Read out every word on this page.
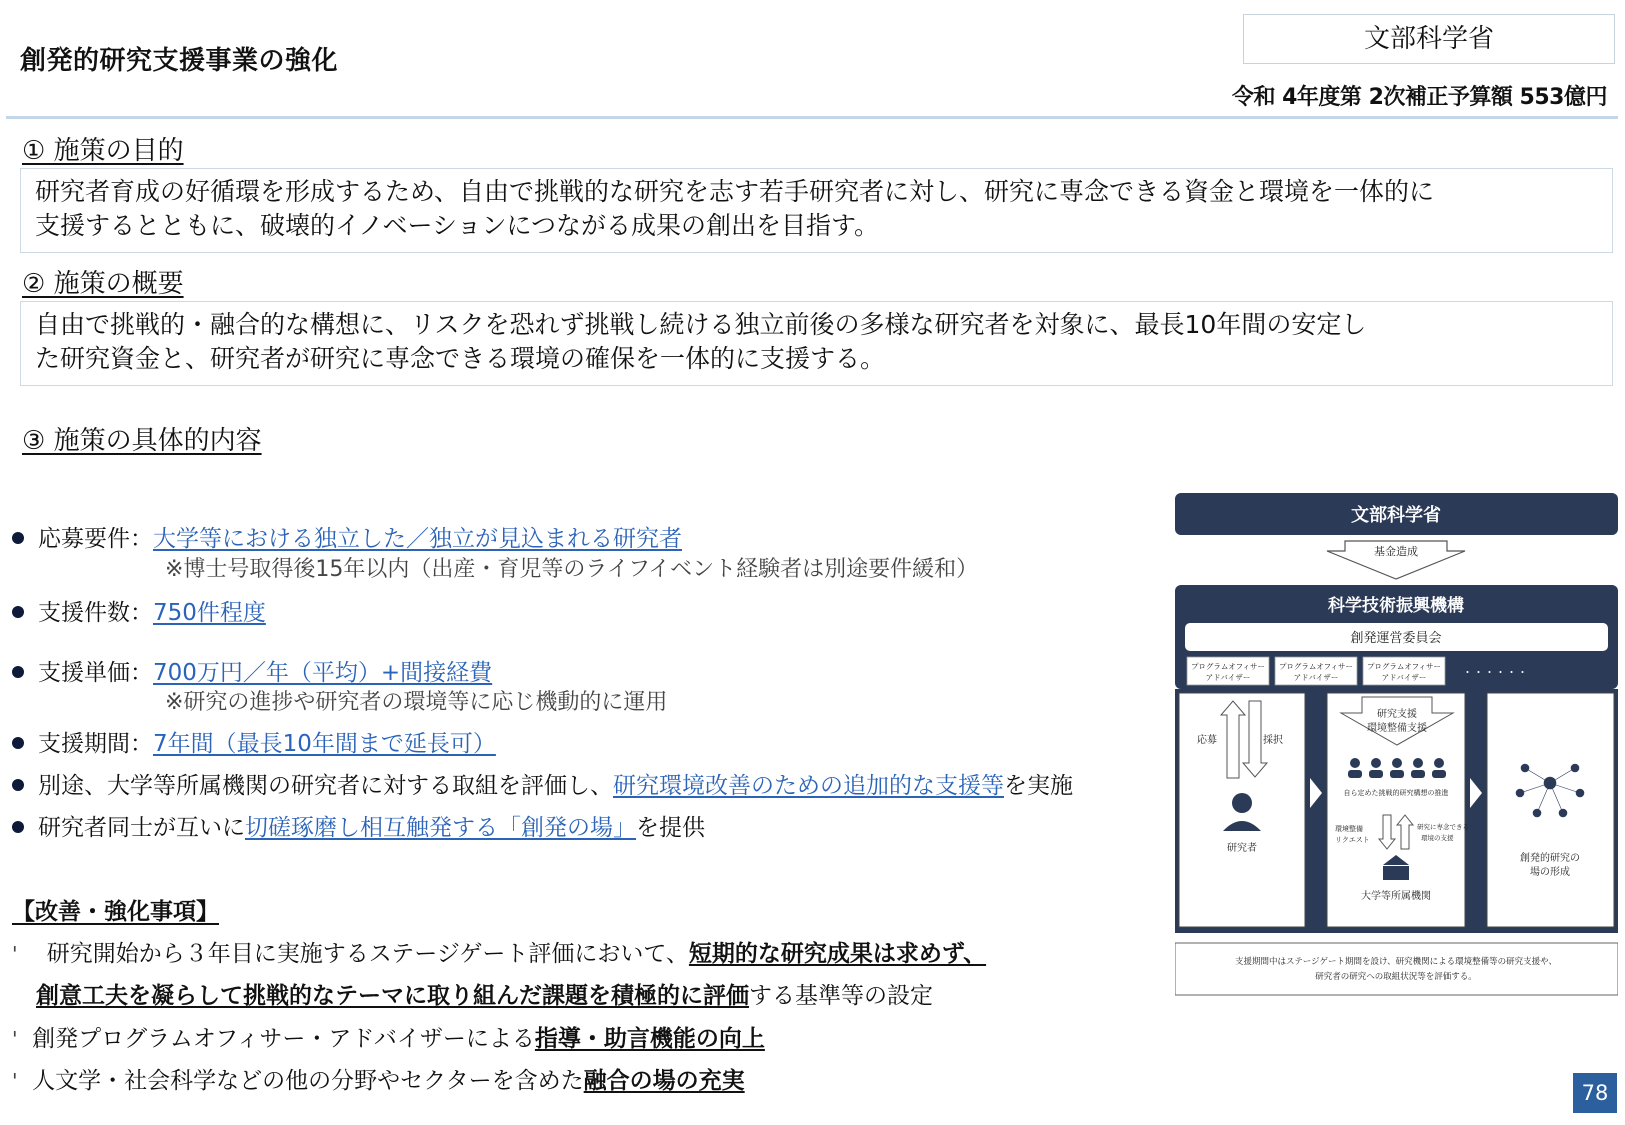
創発的研究支援事業の強化
文部科学省
令和 4年度第 2次補正予算額 553億円
① 施策の目的
研究者育成の好循環を形成するため、自由で挑戦的な研究を志す若手研究者に対し、研究に専念できる資金と環境を一体的に
支援するとともに、破壊的イノベーションにつながる成果の創出を目指す。
② 施策の概要
自由で挑戦的・融合的な構想に、リスクを恐れず挑戦し続ける独立前後の多様な研究者を対象に、最長10年間の安定し
た研究資金と、研究者が研究に専念できる環境の確保を一体的に支援する。
③ 施策の具体的内容
応募要件：大学等における独立した／独立が見込まれる研究者
※博士号取得後15年以内（出産・育児等のライフイベント経験者は別途要件緩和）
支援件数：750件程度
支援単価：700万円／年（平均）+間接経費
※研究の進捗や研究者の環境等に応じ機動的に運用
支援期間：7年間（最長10年間まで延長可）
別途、大学等所属機関の研究者に対する取組を評価し、研究環境改善のための追加的な支援等を実施
研究者同士が互いに切磋琢磨し相互触発する「創発の場」を提供
【改善・強化事項】
' 研究開始から３年目に実施するステージゲート評価において、短期的な研究成果は求めず、
創意工夫を凝らして挑戦的なテーマに取り組んだ課題を積極的に評価する基準等の設定
' 創発プログラムオフィサー・アドバイザーによる指導・助言機能の向上
' 人文学・社会科学などの他の分野やセクターを含めた融合の場の充実
文部科学省
基金造成
科学技術振興機構
創発運営委員会
プログラムオフィサー
アドバイザー
プログラムオフィサー
アドバイザー
プログラムオフィサー
アドバイザー	・・・・・・
応募	採択
研究者
研究支援
環境整備支援
自ら定めた挑戦的研究構想の推進
環境整備
リクエスト
研究に専念できる
環境の支援
大学等所属機関
創発的研究の
場の形成
支援期間中はステージゲート期間を設け、研究機関による環境整備等の研究支援や、
研究者の研究への取組状況等を評価する。
78
